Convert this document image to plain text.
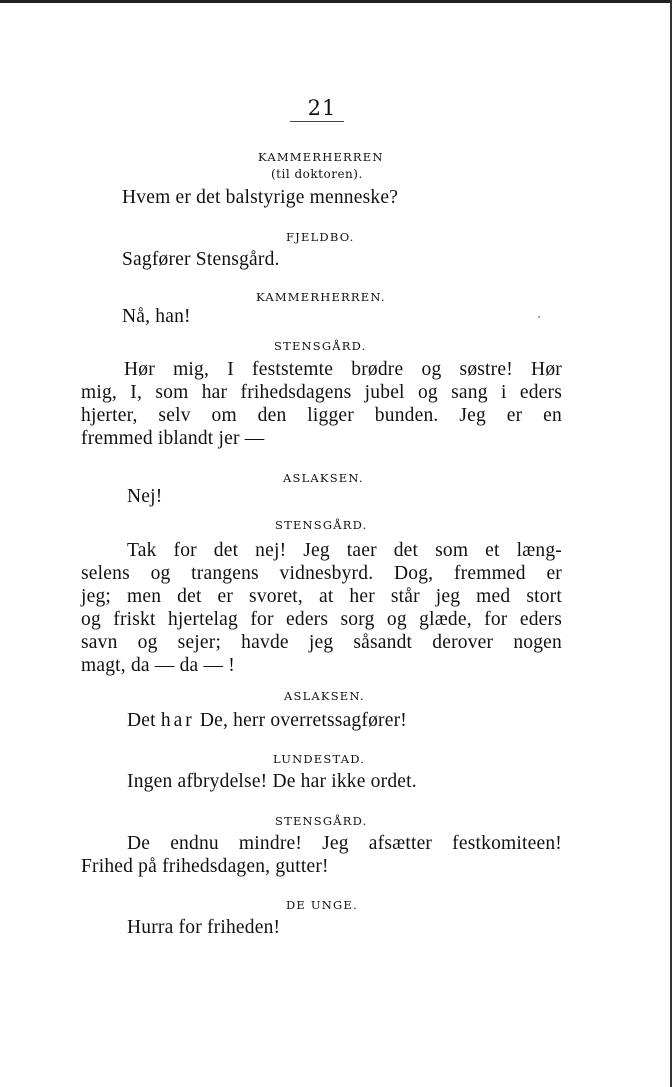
21
KAMMERHERREN
(til doktoren).
Hvem er det balstyrige menneske?
FJELDBO.
Sagfører Stensgård.
KAMMERHERREN.
Nå, han!
STENSGÅRD.
Hør mig, I feststemte brødre og søstre! Hør
mig, I, som har frihedsdagens jubel og sang i eders
hjerter, selv om den ligger bunden. Jeg er en
fremmed iblandt jer —
ASLAKSEN.
Nej!
STENSGÅRD.
Tak for det nej! Jeg taer det som et læng-
selens og trangens vidnesbyrd. Dog, fremmed er
jeg; men det er svoret, at her står jeg med stort
og friskt hjertelag for eders sorg og glæde, for eders
savn og sejer; havde jeg såsandt derover nogen
magt, da — da — !
ASLAKSEN.
Det har De, herr overretssagfører!
LUNDESTAD.
Ingen afbrydelse! De har ikke ordet.
STENSGÅRD.
De endnu mindre! Jeg afsætter festkomiteen!
Frihed på frihedsdagen, gutter!
DE UNGE.
Hurra for friheden!
